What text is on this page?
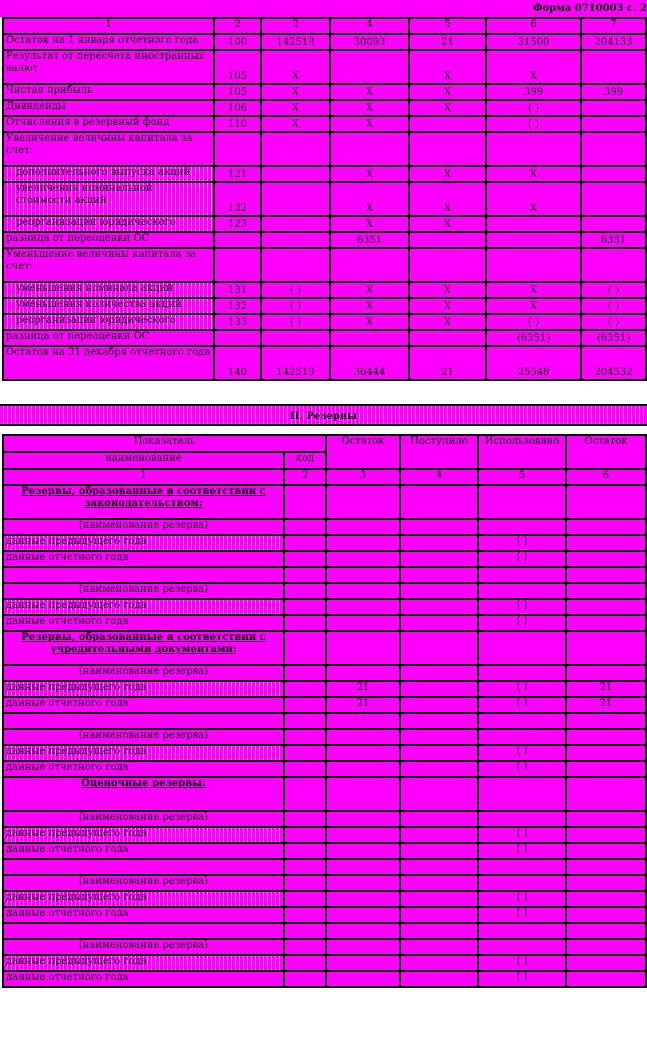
Форма 0710003 с. 2
1	2	3	4	5	6	7
Остаток на 1 января отчетного года	100	142519	30093	21	31500	204133
Результат от пересчета иностранных валют	105	Х		Х	Х	
Чистая прибыль	105	Х	Х	Х	399	399
Дивиденды	106	Х	Х	Х	( )	
Отчисления в резервный фонд	110	Х	Х		( )	
Увеличение величины капитала за счет:						
дополнительного выпуска акций	121		Х	Х	Х	
увеличения номинальной стоимости акций	122		Х	Х	Х	
реорганизации юридического	123		Х	Х		
разница от переоценки ОС			6351			6351
Уменьшение величины капитала за счет:						
уменьшения номинала акций	131	( )	Х	Х	Х	( )
уменьшения количества акций	132	( )	Х	Х	Х	( )
реорганизации юридического	133	( )	Х	Х	( )	( )
разница от переоценки ОС					(6351)	(6351)
Остаток на 31 декабря отчетного года	140	142519	36444	21	25548	204532
II. Резервы
Показатель		Остаток	Поступило	Использовано	Остаток
наименование	код				
1	2	3	4	5	6
Резервы, образованные в соответствии с законодательством:					
(наименование резерва)					
данные предыдущего года				( )	
данные отчетного года				( )	

(наименование резерва)					
данные предыдущего года				( )	
данные отчетного года				( )	
Резервы, образованные в соответствии с учредительными документами:					
(наименование резерва)					
данные предыдущего года		21		( )	21
данные отчетного года		21		( )	21

(наименование резерва)					
данные предыдущего года				( )	
данные отчетного года				( )	
Оценочные резервы:					
(наименование резерва)					
данные предыдущего года				( )	
данные отчетного года				( )	

(наименование резерва)					
данные предыдущего года				( )	
данные отчетного года				( )	

(наименование резерва)					
данные предыдущего года				( )	
данные отчетного года				( )	
